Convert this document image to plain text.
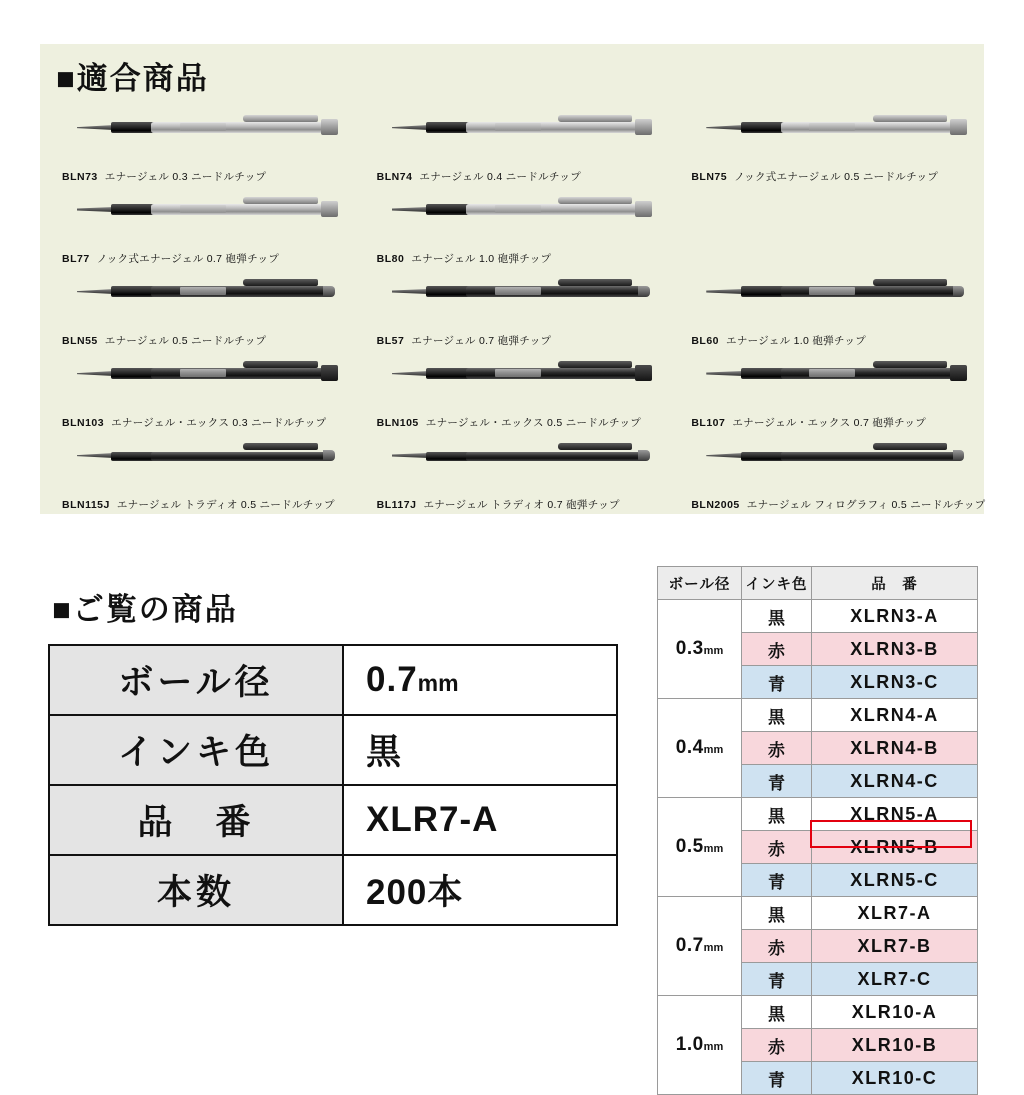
■適合商品
BLN73 エナージェル 0.3 ニードルチップ	BLN74 エナージェル 0.4 ニードルチップ	BLN75 ノック式エナージェル 0.5 ニードルチップ
BL77 ノック式エナージェル 0.7 砲弾チップ	BL80 エナージェル 1.0 砲弾チップ
BLN55 エナージェル 0.5 ニードルチップ	BL57 エナージェル 0.7 砲弾チップ	BL60 エナージェル 1.0 砲弾チップ
BLN103 エナージェル・エックス 0.3 ニードルチップ	BLN105 エナージェル・エックス 0.5 ニードルチップ	BL107 エナージェル・エックス 0.7 砲弾チップ
BLN115J エナージェル トラディオ 0.5 ニードルチップ	BL117J エナージェル トラディオ 0.7 砲弾チップ	BLN2005 エナージェル フィログラフィ 0.5 ニードルチップ
■ご覧の商品
ボール径	0.7mm
インキ色	黒
品　番	XLR7-A
本数	200本
ボール径	インキ色	品　番
0.3mm	黒	XLRN3-A
	赤	XLRN3-B
	青	XLRN3-C
0.4mm	黒	XLRN4-A
	赤	XLRN4-B
	青	XLRN4-C
0.5mm	黒	XLRN5-A
	赤	XLRN5-B
	青	XLRN5-C
0.7mm	黒	XLR7-A
	赤	XLR7-B
	青	XLR7-C
1.0mm	黒	XLR10-A
	赤	XLR10-B
	青	XLR10-C
